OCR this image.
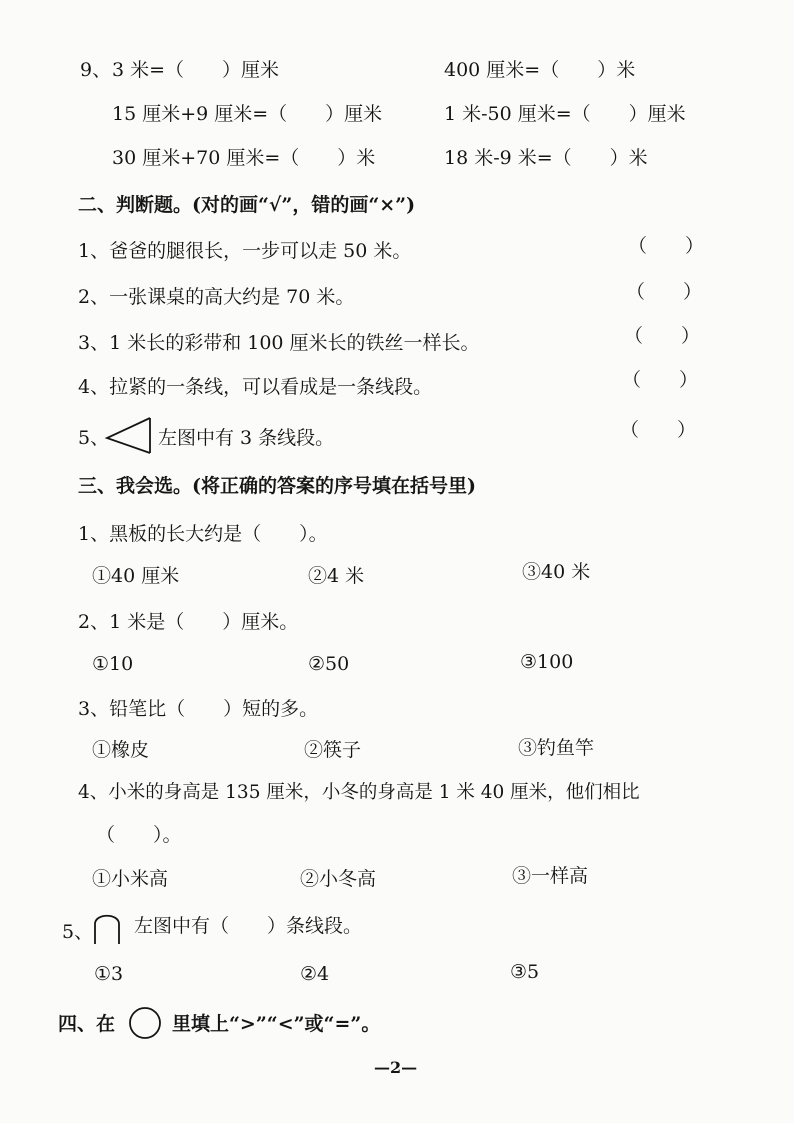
9、 3 米=（　　）厘米	400 厘米=（　　）米
15 厘米+9 厘米=（　　）厘米	1 米-50 厘米=（　　）厘米
30 厘米+70 厘米=（　　）米	18 米-9 米=（　　）米
二、判断题。(对的画“√”，错的画“×”)
1、爸爸的腿很长，一步可以走 50 米。	（　　）
2、一张课桌的高大约是 70 米。	（　　）
3、1 米长的彩带和 100 厘米长的铁丝一样长。	（　　）
4、拉紧的一条线，可以看成是一条线段。	（　　）
5、	左图中有 3 条线段。	（　　）
三、我会选。(将正确的答案的序号填在括号里)
1、黑板的长大约是（　　）。
①40 厘米	②4 米	③40 米
2、1 米是（　　）厘米。
①10	②50	③100
3、铅笔比（　　）短的多。
①橡皮	②筷子	③钓鱼竿
4、小米的身高是 135 厘米，小冬的身高是 1 米 40 厘米，他们相比
（　　）。
①小米高	②小冬高	③一样高
5、 左图中有（　　）条线段。
①3	②4	③5
四、在	里填上“>”“<”或“=”。
—2—
